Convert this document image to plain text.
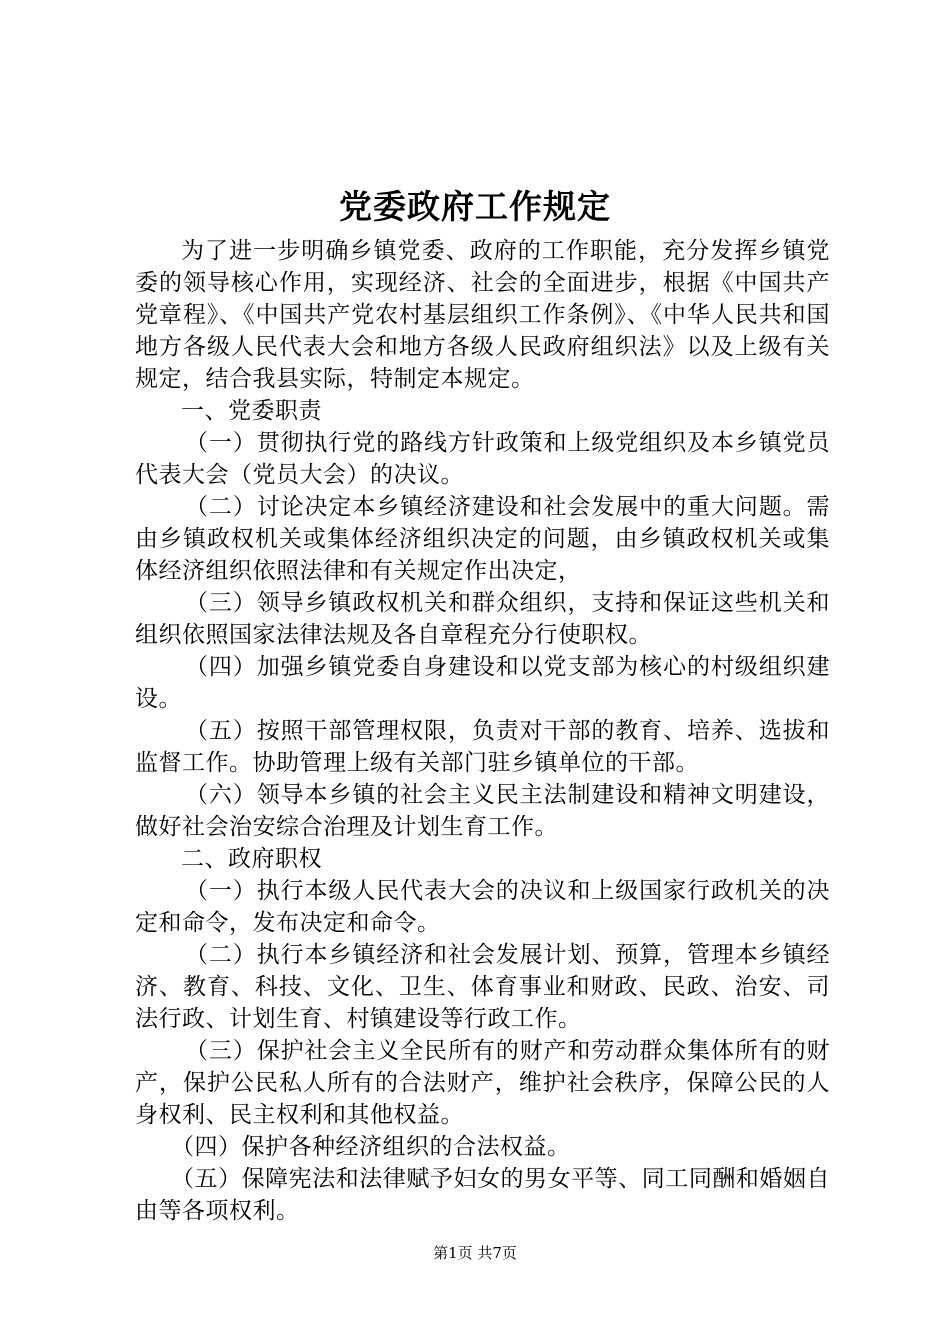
党委政府工作规定

为了进一步明确乡镇党委、政府的工作职能，充分发挥乡镇党委的领导核心作用，实现经济、社会的全面进步，根据《中国共产党章程》、《中国共产党农村基层组织工作条例》、《中华人民共和国地方各级人民代表大会和地方各级人民政府组织法》以及上级有关规定，结合我县实际，特制定本规定。

一、党委职责

（一）贯彻执行党的路线方针政策和上级党组织及本乡镇党员代表大会（党员大会）的决议。

（二）讨论决定本乡镇经济建设和社会发展中的重大问题。需由乡镇政权机关或集体经济组织决定的问题，由乡镇政权机关或集体经济组织依照法律和有关规定作出决定，

（三）领导乡镇政权机关和群众组织，支持和保证这些机关和组织依照国家法律法规及各自章程充分行使职权。

（四）加强乡镇党委自身建设和以党支部为核心的村级组织建设。

（五）按照干部管理权限，负责对干部的教育、培养、选拔和监督工作。协助管理上级有关部门驻乡镇单位的干部。

（六）领导本乡镇的社会主义民主法制建设和精神文明建设，做好社会治安综合治理及计划生育工作。

二、政府职权

（一）执行本级人民代表大会的决议和上级国家行政机关的决定和命令，发布决定和命令。

（二）执行本乡镇经济和社会发展计划、预算，管理本乡镇经济、教育、科技、文化、卫生、体育事业和财政、民政、治安、司法行政、计划生育、村镇建设等行政工作。

（三）保护社会主义全民所有的财产和劳动群众集体所有的财产，保护公民私人所有的合法财产，维护社会秩序，保障公民的人身权利、民主权利和其他权益。

（四）保护各种经济组织的合法权益。

（五）保障宪法和法律赋予妇女的男女平等、同工同酬和婚姻自由等各项权利。

第1页 共7页
